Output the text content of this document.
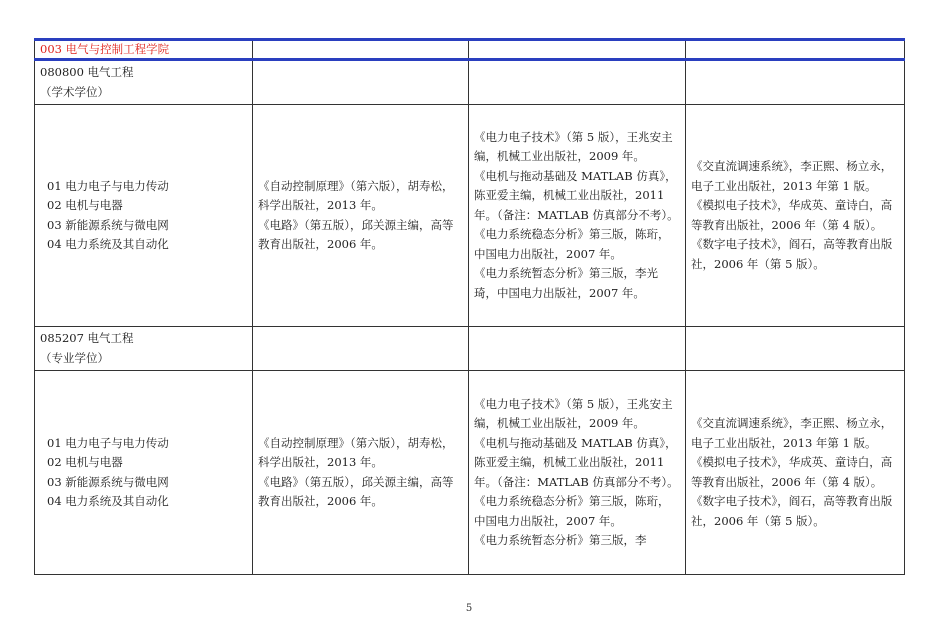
003 电气与控制工程学院			

080800 电气工程
（学术学位）			

01 电力电子与电力传动
02 电机与电器
03 新能源系统与微电网
04 电力系统及其自动化	《自动控制原理》（第六版），胡寿松，科学出版社，2013 年。
《电路》（第五版），邱关源主编，高等教育出版社，2006 年。	《电力电子技术》（第 5 版），王兆安主编，机械工业出版社，2009 年。
《电机与拖动基础及 MATLAB 仿真》，陈亚爱主编，机械工业出版社，2011 年。（备注：MATLAB 仿真部分不考）。
《电力系统稳态分析》第三版，陈珩，中国电力出版社，2007 年。
《电力系统暂态分析》第三版，李光琦，中国电力出版社，2007 年。	《交直流调速系统》，李正熙、杨立永，电子工业出版社，2013 年第 1 版。
《模拟电子技术》，华成英、童诗白，高等教育出版社，2006 年（第 4 版）。
《数字电子技术》，阎石，高等教育出版社，2006 年（第 5 版）。

085207 电气工程
（专业学位）			

01 电力电子与电力传动
02 电机与电器
03 新能源系统与微电网
04 电力系统及其自动化	《自动控制原理》（第六版），胡寿松，科学出版社，2013 年。
《电路》（第五版），邱关源主编，高等教育出版社，2006 年。	《电力电子技术》（第 5 版），王兆安主编，机械工业出版社，2009 年。
《电机与拖动基础及 MATLAB 仿真》，陈亚爱主编，机械工业出版社，2011 年。（备注：MATLAB 仿真部分不考）。
《电力系统稳态分析》第三版，陈珩，中国电力出版社，2007 年。
《电力系统暂态分析》第三版，李	《交直流调速系统》，李正熙、杨立永，电子工业出版社，2013 年第 1 版。
《模拟电子技术》，华成英、童诗白，高等教育出版社，2006 年（第 4 版）。
《数字电子技术》，阎石，高等教育出版社，2006 年（第 5 版）。
5
